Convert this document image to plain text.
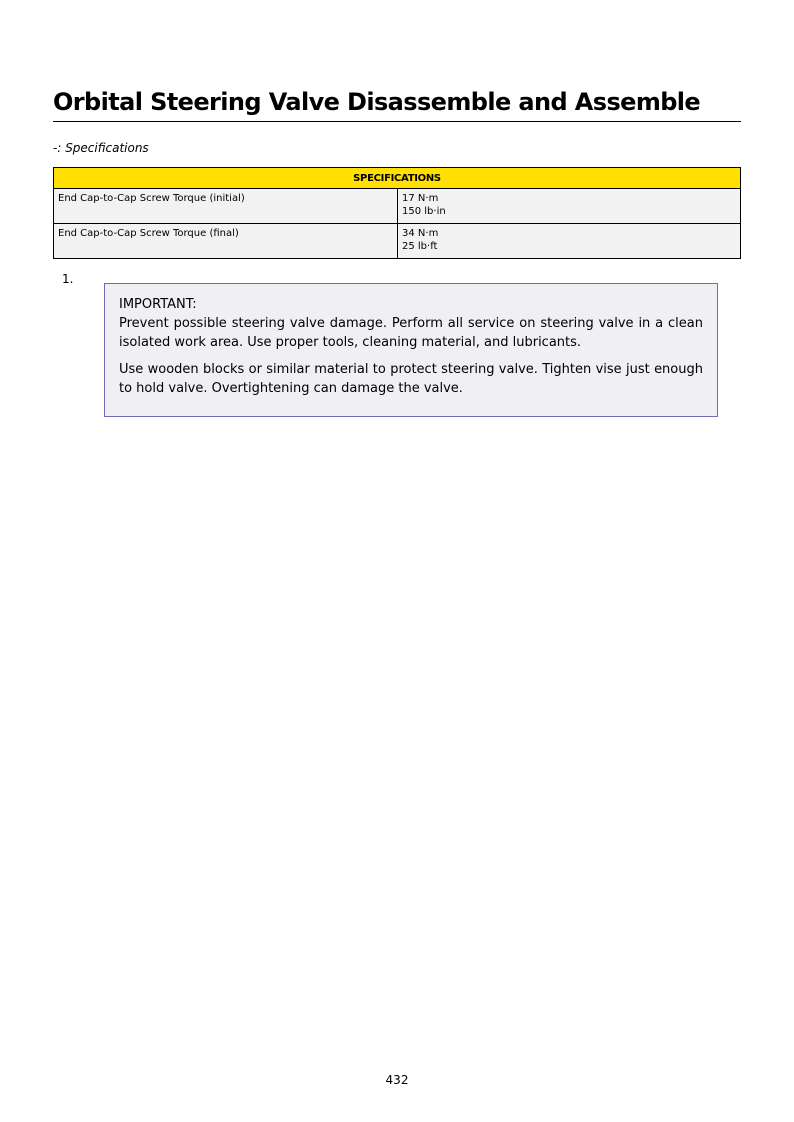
Orbital Steering Valve Disassemble and Assemble
-: Specifications
SPECIFICATIONS	
End Cap-to-Cap Screw Torque (initial)	17 N·m
150 lb·in

End Cap-to-Cap Screw Torque (final)	34 N·m
25 lb·ft
1.

IMPORTANT:

Prevent possible steering valve damage. Perform all service on steering valve in a clean isolated work area. Use proper tools, cleaning material, and lubricants.

Use wooden blocks or similar material to protect steering valve. Tighten vise just enough to hold valve. Overtightening can damage the valve.

432
